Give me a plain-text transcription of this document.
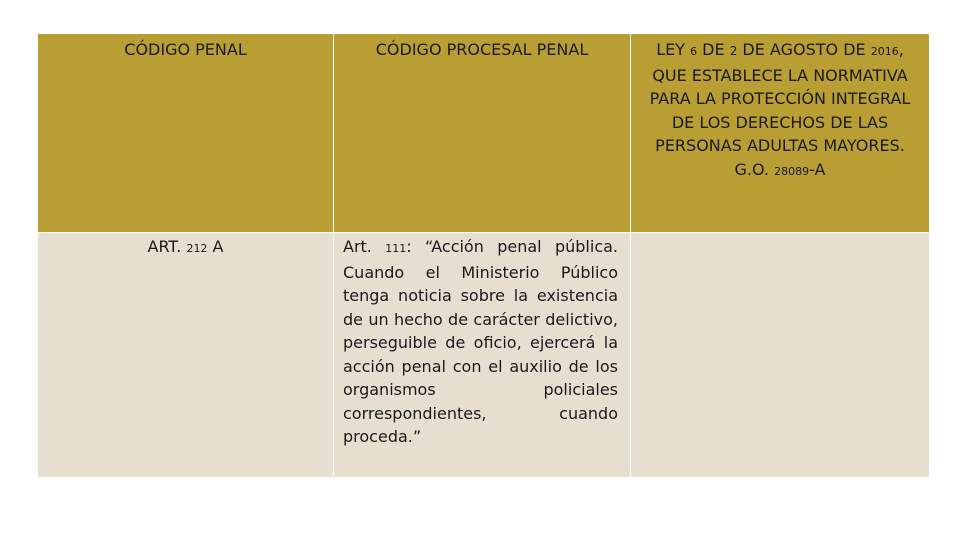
CÓDIGO PENAL	CÓDIGO PROCESAL PENAL	LEY 6 DE 2 DE AGOSTO DE 2016, QUE ESTABLECE LA NORMATIVA PARA LA PROTECCIÓN INTEGRAL DE LOS DERECHOS DE LAS PERSONAS ADULTAS MAYORES. G.O. 28089-A

ART. 212 A	Art. 111: “Acción penal pública. Cuando el Ministerio Público tenga noticia sobre la existencia de un hecho de carácter delictivo, perseguible de oficio, ejercerá la acción penal con el auxilio de los organismos policiales correspondientes, cuando proceda.”	
